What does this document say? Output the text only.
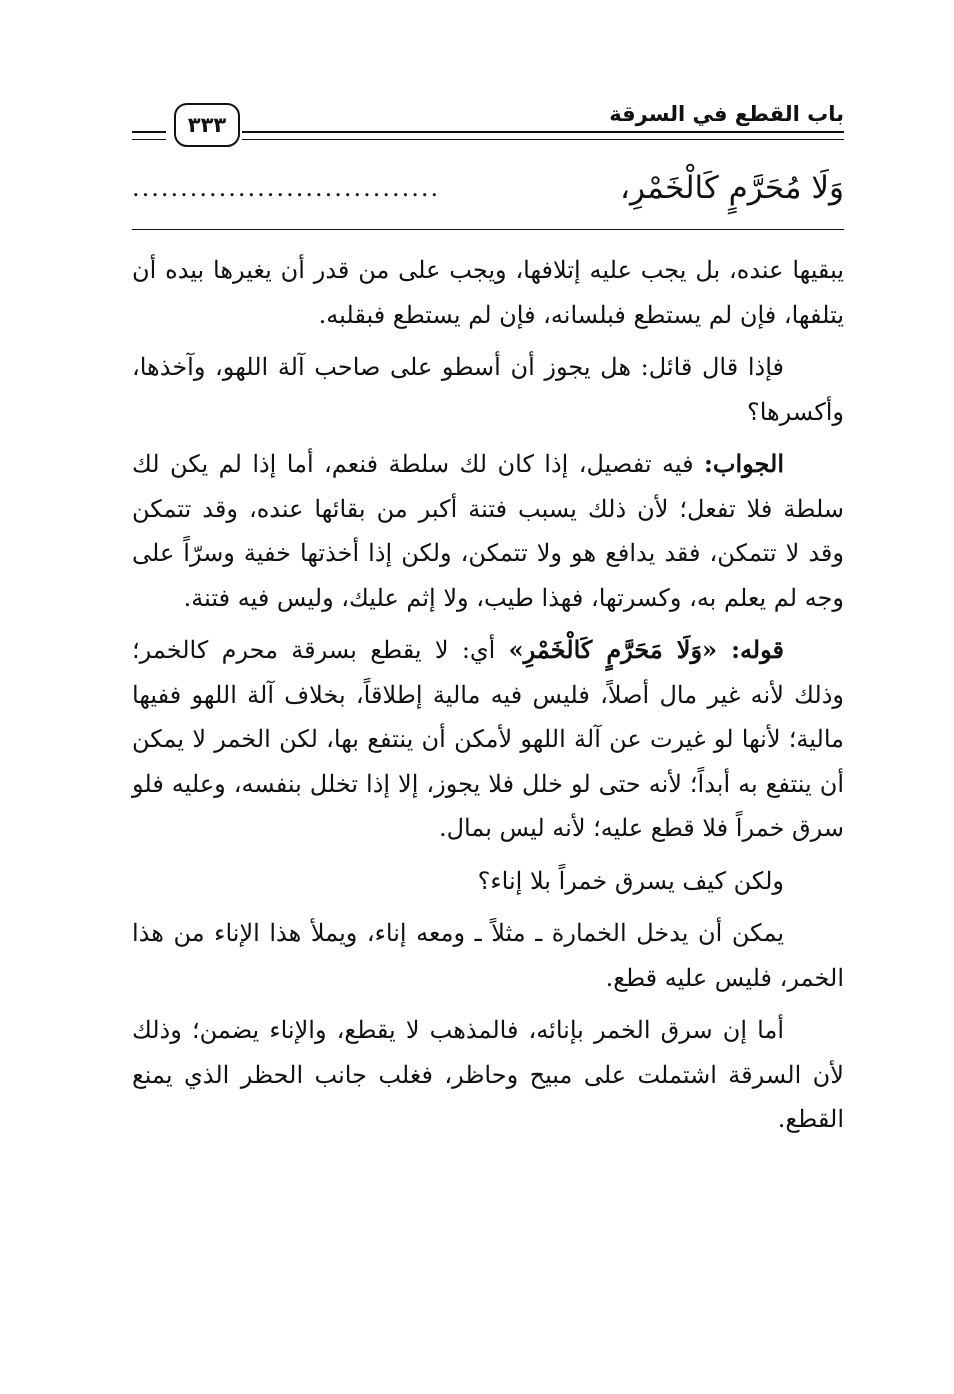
باب القطع في السرقة
٣٣٣
وَلَا مُحَرَّمٍ كَالْخَمْرِ،
................................

يبقيها عنده، بل يجب عليه إتلافها، ويجب على من قدر أن يغيرها بيده أن يتلفها، فإن لم يستطع فبلسانه، فإن لم يستطع فبقلبه.

فإذا قال قائل: هل يجوز أن أسطو على صاحب آلة اللهو، وآخذها، وأكسرها؟

الجواب: فيه تفصيل، إذا كان لك سلطة فنعم، أما إذا لم يكن لك سلطة فلا تفعل؛ لأن ذلك يسبب فتنة أكبر من بقائها عنده، وقد تتمكن وقد لا تتمكن، فقد يدافع هو ولا تتمكن، ولكن إذا أخذتها خفية وسرّاً على وجه لم يعلم به، وكسرتها، فهذا طيب، ولا إثم عليك، وليس فيه فتنة.

قوله: «وَلَا مَحَرَّمٍ كَالْخَمْرِ» أي: لا يقطع بسرقة محرم كالخمر؛ وذلك لأنه غير مال أصلاً، فليس فيه مالية إطلاقاً، بخلاف آلة اللهو ففيها مالية؛ لأنها لو غيرت عن آلة اللهو لأمكن أن ينتفع بها، لكن الخمر لا يمكن أن ينتفع به أبداً؛ لأنه حتى لو خلل فلا يجوز، إلا إذا تخلل بنفسه، وعليه فلو سرق خمراً فلا قطع عليه؛ لأنه ليس بمال.

ولكن كيف يسرق خمراً بلا إناء؟

يمكن أن يدخل الخمارة ـ مثلاً ـ ومعه إناء، ويملأ هذا الإناء من هذا الخمر، فليس عليه قطع.

أما إن سرق الخمر بإنائه، فالمذهب لا يقطع، والإناء يضمن؛ وذلك لأن السرقة اشتملت على مبيح وحاظر، فغلب جانب الحظر الذي يمنع القطع.
